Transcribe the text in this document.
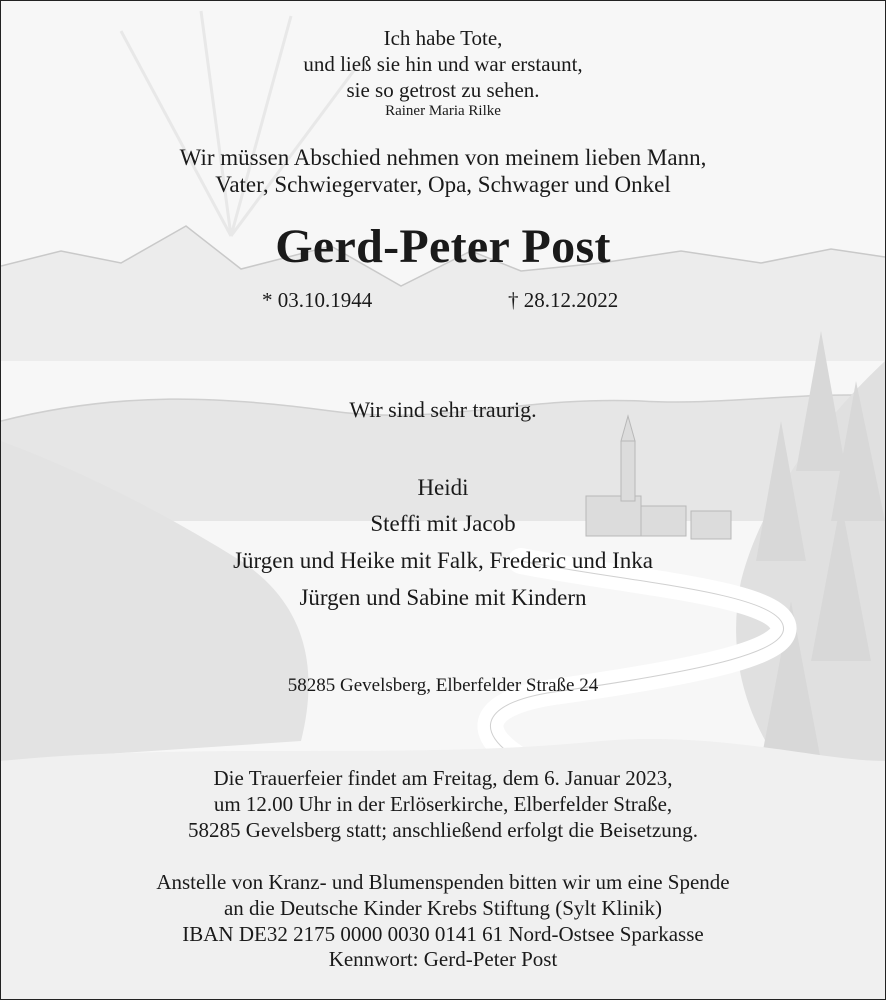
Ich habe Tote,
und ließ sie hin und war erstaunt,
sie so getrost zu sehen.
Rainer Maria Rilke
Wir müssen Abschied nehmen von meinem lieben Mann,
Vater, Schwiegervater, Opa, Schwager und Onkel
Gerd-Peter Post
* 03.10.1944	† 28.12.2022
Wir sind sehr traurig.
Heidi
Steffi mit Jacob
Jürgen und Heike mit Falk, Frederic und Inka
Jürgen und Sabine mit Kindern
58285 Gevelsberg, Elberfelder Straße 24
Die Trauerfeier findet am Freitag, dem 6. Januar 2023,
um 12.00 Uhr in der Erlöserkirche, Elberfelder Straße,
58285 Gevelsberg statt; anschließend erfolgt die Beisetzung.
Anstelle von Kranz- und Blumenspenden bitten wir um eine Spende
an die Deutsche Kinder Krebs Stiftung (Sylt Klinik)
IBAN DE32 2175 0000 0030 0141 61 Nord-Ostsee Sparkasse
Kennwort: Gerd-Peter Post
